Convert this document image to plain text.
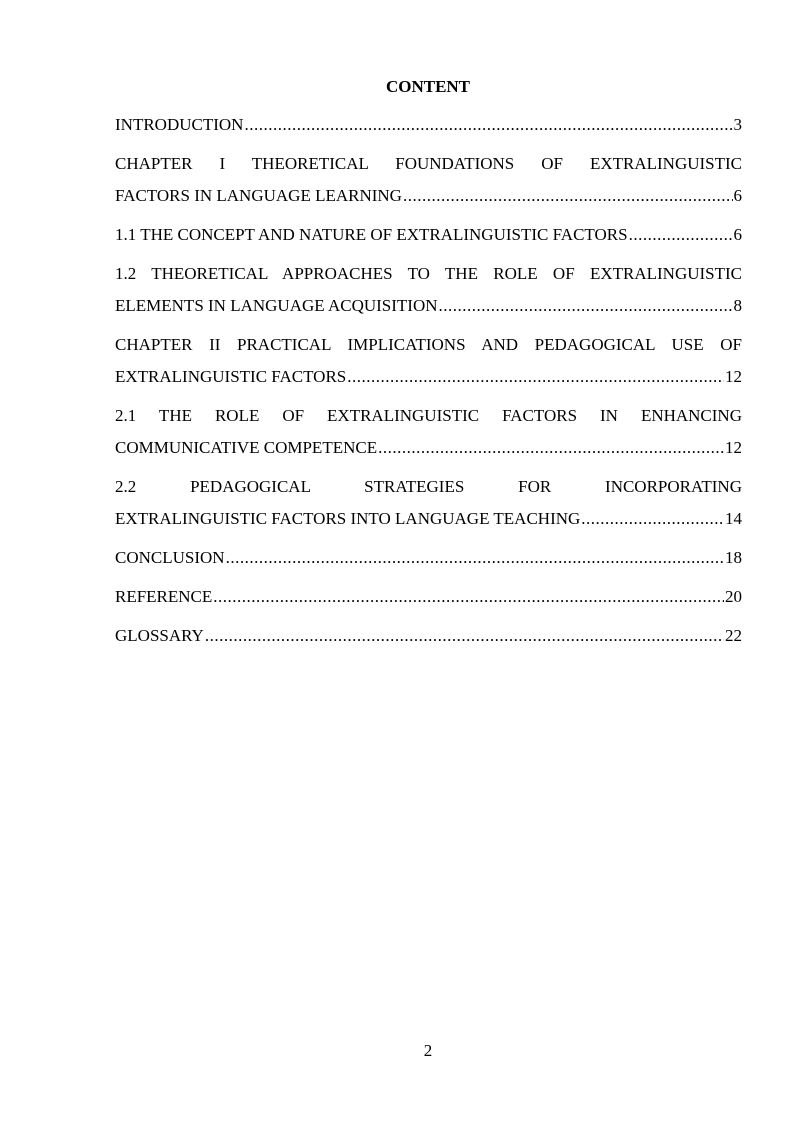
CONTENT
INTRODUCTION .....	3
CHAPTER I THEORETICAL FOUNDATIONS OF EXTRALINGUISTIC
FACTORS IN LANGUAGE LEARNING .....	6
1.1 THE CONCEPT AND NATURE OF EXTRALINGUISTIC FACTORS .....	6
1.2 THEORETICAL APPROACHES TO THE ROLE OF EXTRALINGUISTIC
ELEMENTS IN LANGUAGE ACQUISITION .....	8
CHAPTER II PRACTICAL IMPLICATIONS AND PEDAGOGICAL USE OF
EXTRALINGUISTIC FACTORS .....	12
2.1 THE ROLE OF EXTRALINGUISTIC FACTORS IN ENHANCING
COMMUNICATIVE COMPETENCE .....	12
2.2 PEDAGOGICAL STRATEGIES FOR INCORPORATING
EXTRALINGUISTIC FACTORS INTO LANGUAGE TEACHING .....	14
CONCLUSION .....	18
REFERENCE .....	20
GLOSSARY .....	22
2
